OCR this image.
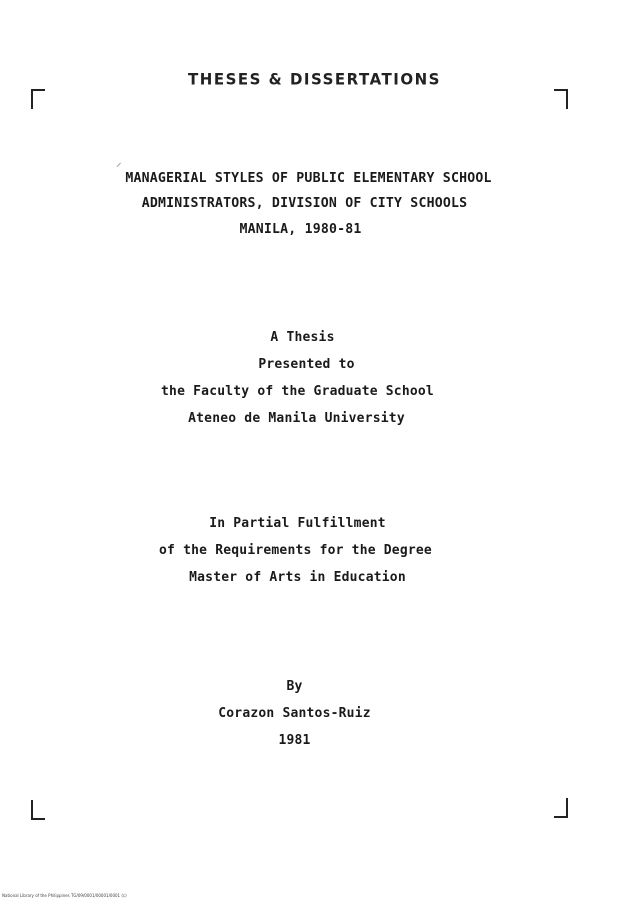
THESES & DISSERTATIONS
⸝
MANAGERIAL STYLES OF PUBLIC ELEMENTARY SCHOOL
ADMINISTRATORS, DIVISION OF CITY SCHOOLS
MANILA, 1980-81
A Thesis
Presented to
the Faculty of the Graduate School
Ateneo de Manila University
In Partial Fulfillment
of the Requirements for the Degree
Master of Arts in Education
By
Corazon Santos-Ruiz
1981
National Library of the Philippines TG/09/0001/00001/0001 (c)
